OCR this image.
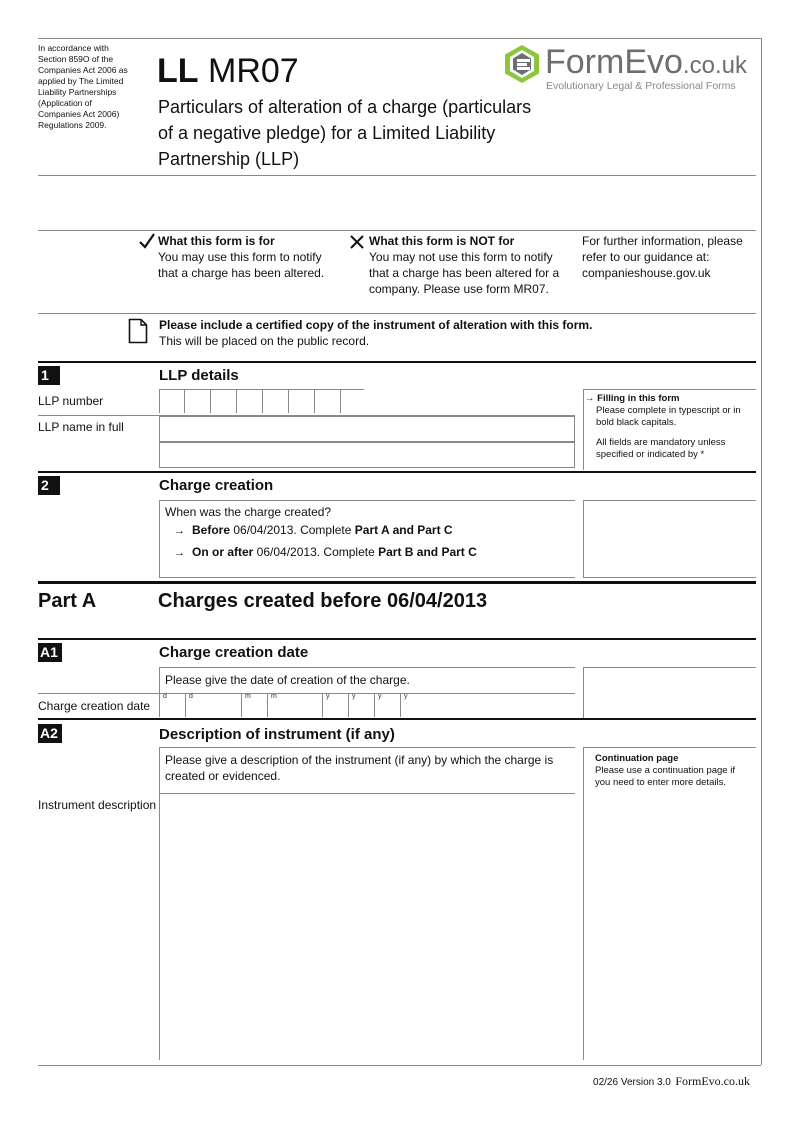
In accordance with Section 859O of the Companies Act 2006 as applied by The Limited Liability Partnerships (Application of Companies Act 2006) Regulations 2009.
LL MR07
Particulars of alteration of a charge (particulars of a negative pledge) for a Limited Liability Partnership (LLP)
FormEvo.co.uk
Evolutionary Legal & Professional Forms
What this form is for
You may use this form to notify that a charge has been altered.
What this form is NOT for
You may not use this form to notify that a charge has been altered for a company. Please use form MR07.
For further information, please refer to our guidance at: companieshouse.gov.uk
Please include a certified copy of the instrument of alteration with this form.
This will be placed on the public record.
1	LLP details
LLP number
LLP name in full
→ Filling in this form
Please complete in typescript or in bold black capitals.
All fields are mandatory unless specified or indicated by *
2	Charge creation
When was the charge created?
→ Before 06/04/2013. Complete Part A and Part C
→ On or after 06/04/2013. Complete Part B and Part C
Part A	Charges created before 06/04/2013
A1	Charge creation date
Please give the date of creation of the charge.
Charge creation date
d	d	m	m	y	y	y	y
A2	Description of instrument (if any)
Please give a description of the instrument (if any) by which the charge is created or evidenced.
Instrument description
Continuation page
Please use a continuation page if you need to enter more details.
02/26 Version 3.0 FormEvo.co.uk
